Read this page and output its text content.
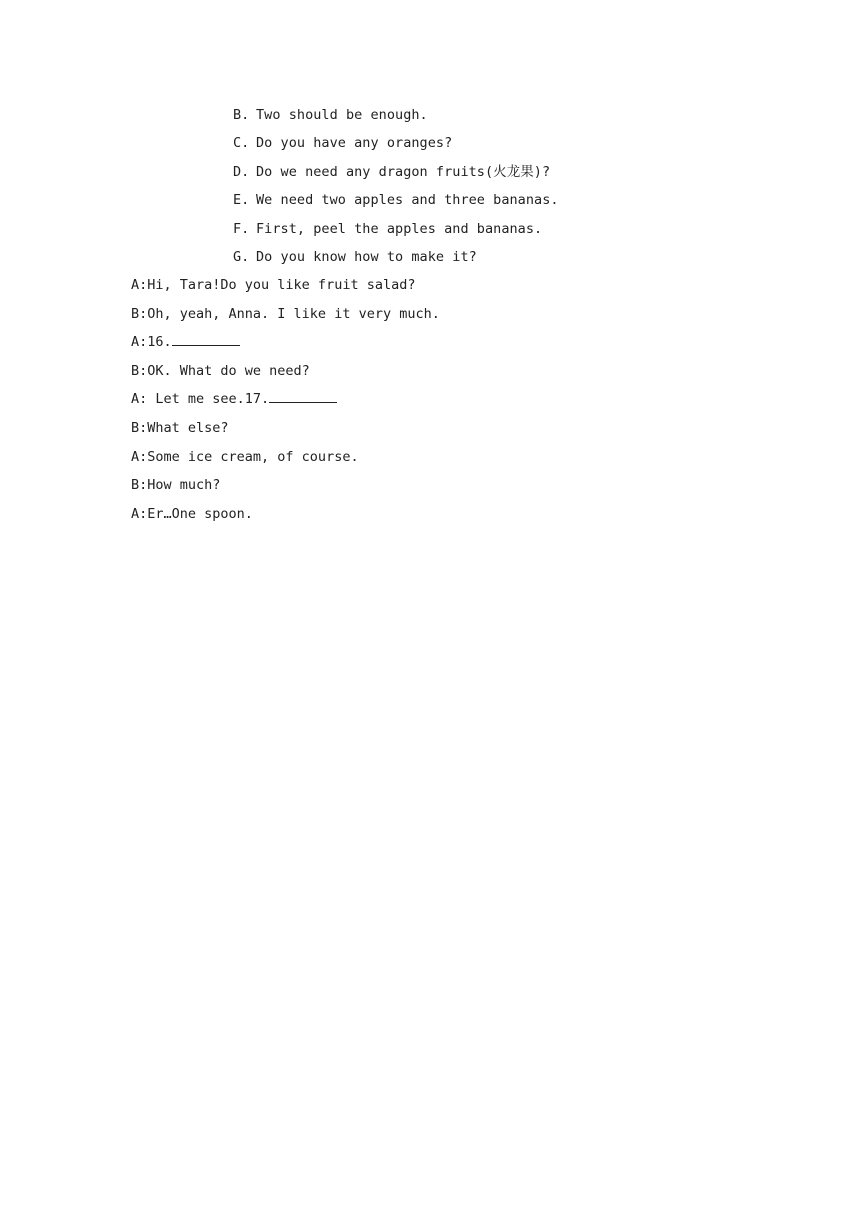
B. Two should be enough.
C. Do you have any oranges?
D. Do we need any dragon fruits(火龙果)?
E. We need two apples and three bananas.
F. First, peel the apples and bananas.
G. Do you know how to make it?
A:Hi, Tara!Do you like fruit salad?
B:Oh, yeah, Anna. I like it very much.
A:16.
B:OK. What do we need?
A: Let me see.17.
B:What else?
A:Some ice cream, of course.
B:How much?
A:Er…One spoon.
